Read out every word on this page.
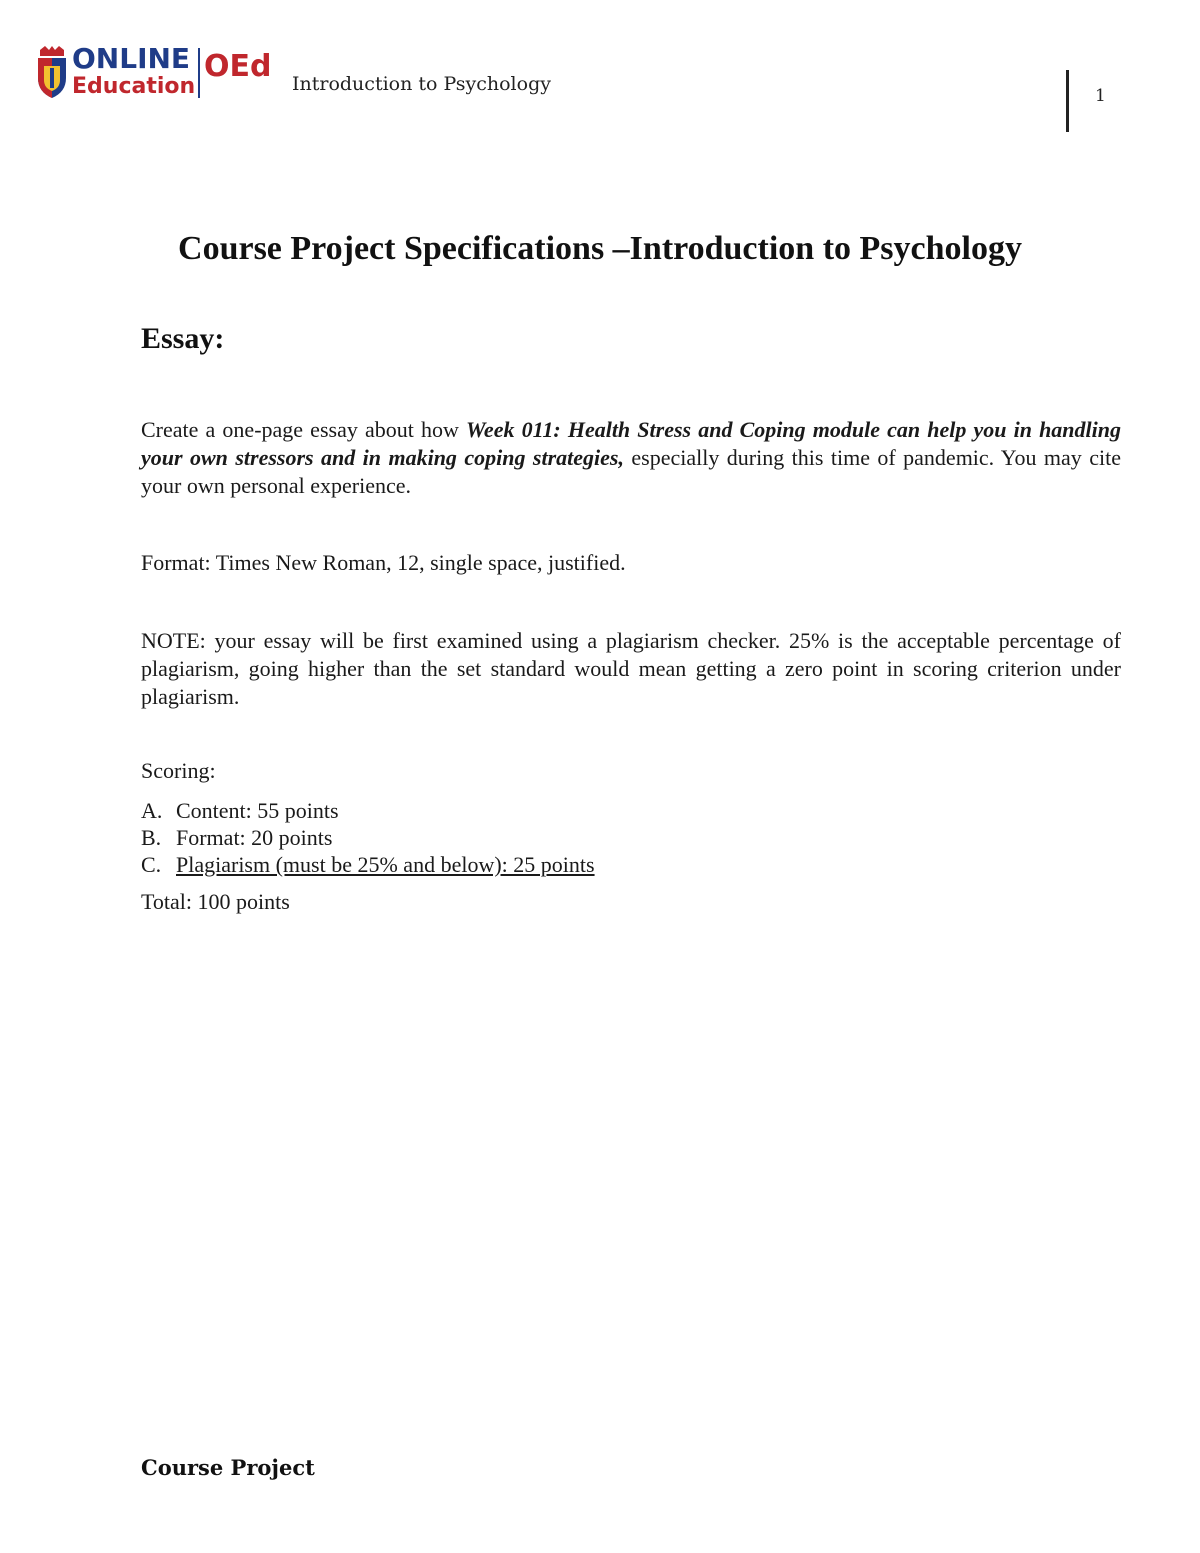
ONLINE
Education
OEd Introduction to Psychology
1
Course Project Specifications –Introduction to Psychology
Essay:
Create a one-page essay about how Week 011: Health Stress and Coping module can help you in handling your own stressors and in making coping strategies, especially during this time of pandemic. You may cite your own personal experience.
Format: Times New Roman, 12, single space, justified.
NOTE: your essay will be first examined using a plagiarism checker. 25% is the acceptable percentage of plagiarism, going higher than the set standard would mean getting a zero point in scoring criterion under plagiarism.
Scoring:
A. Content: 55 points
B. Format: 20 points
C. Plagiarism (must be 25% and below): 25 points
Total: 100 points
Course Project
